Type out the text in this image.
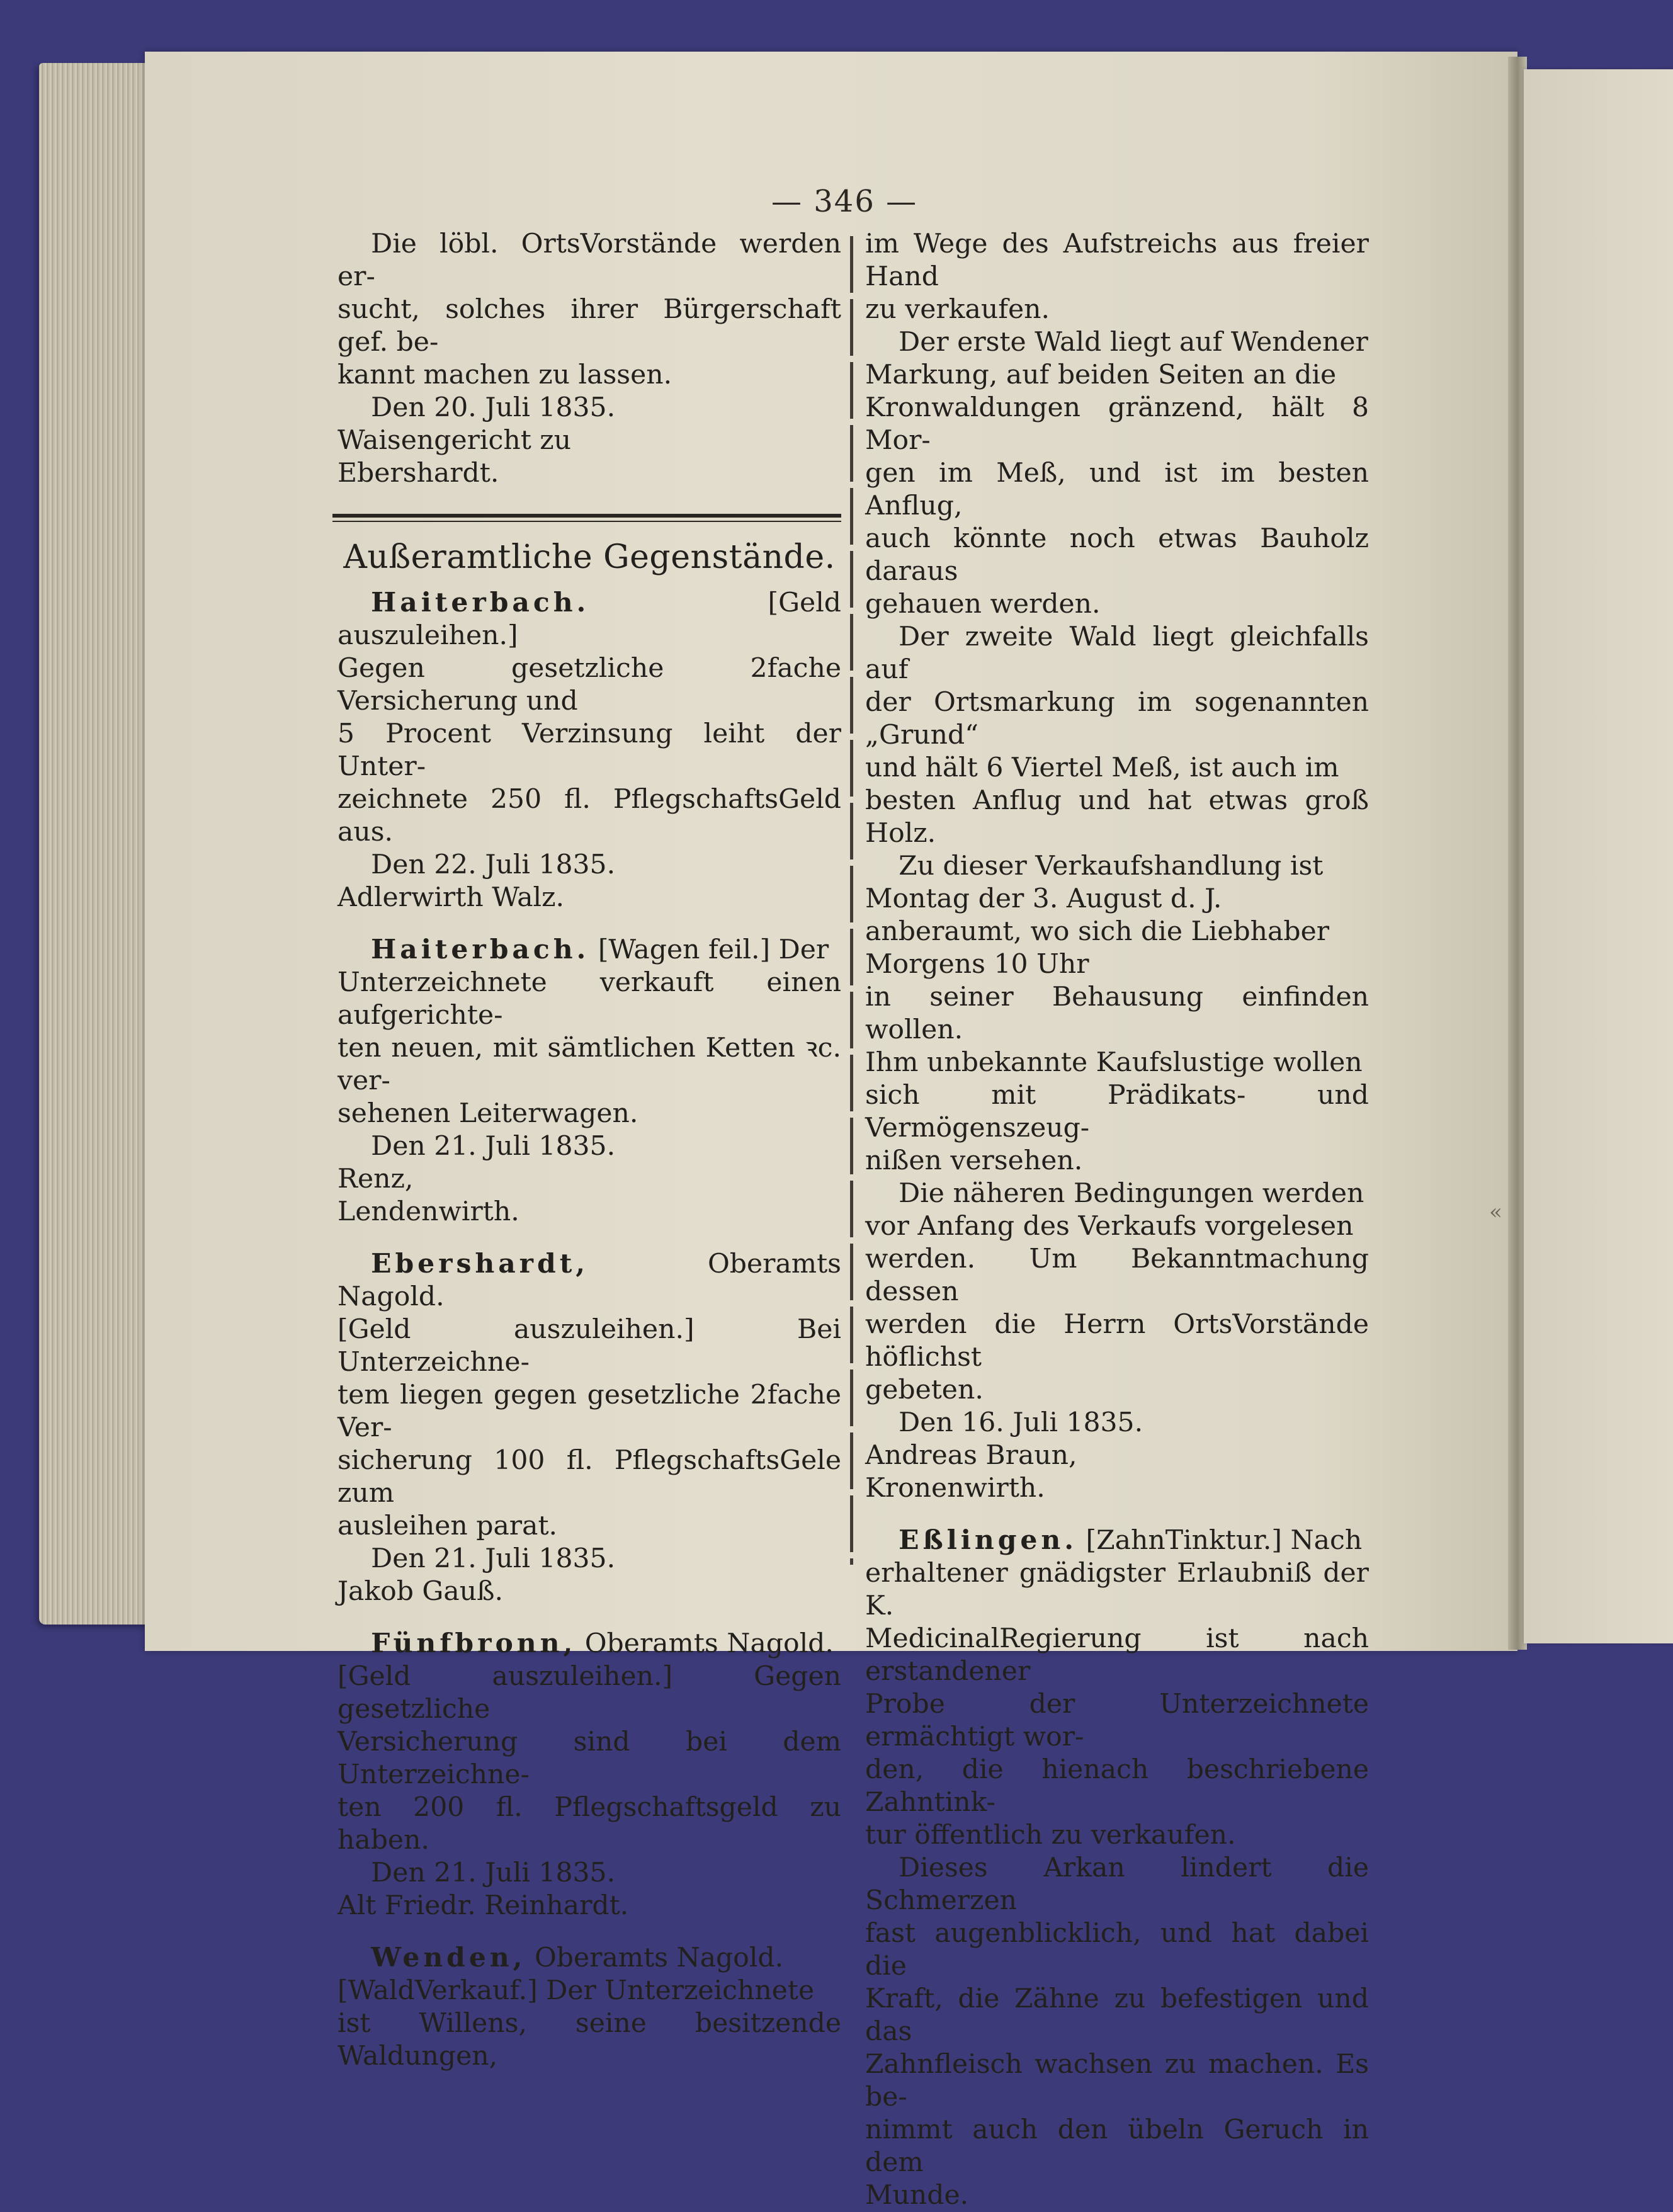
«
— 346 —

Die löbl. OrtsVorstände werden er-

sucht, solches ihrer Bürgerschaft gef. be-

kannt machen zu lassen.

Den 20. Juli 1835.

Waisengericht zu

Ebershardt.

Außeramtliche Gegenstände.

Haiterbach.	[Geld auszuleihen.]

Gegen gesetzliche 2fache Versicherung und

5 Procent Verzinsung leiht der Unter-

zeichnete 250 fl. PflegschaftsGeld aus.

Den 22. Juli 1835.

Adlerwirth Walz.

Haiterbach. [Wagen feil.] Der

Unterzeichnete verkauft einen aufgerichte-

ten neuen, mit sämtlichen Ketten ꝛc. ver-

sehenen Leiterwagen.

Den 21. Juli 1835.

Renz,

Lendenwirth.

Ebershardt,	Oberamts Nagold.

[Geld auszuleihen.] Bei Unterzeichne-

tem liegen gegen gesetzliche 2fache Ver-

sicherung 100 fl. PflegschaftsGele zum

ausleihen parat.

Den 21. Juli 1835.

Jakob Gauß.

Fünfbronn, Oberamts Nagold.

[Geld auszuleihen.] Gegen gesetzliche

Versicherung sind bei dem Unterzeichne-

ten 200 fl. Pflegschaftsgeld zu haben.

Den 21. Juli 1835.

Alt Friedr. Reinhardt.

Wenden, Oberamts Nagold.

[WaldVerkauf.] Der Unterzeichnete

ist Willens, seine besitzende Waldungen,

im Wege des Aufstreichs aus freier Hand

zu verkaufen.

Der erste Wald liegt auf Wendener

Markung, auf beiden Seiten an die

Kronwaldungen gränzend, hält 8 Mor-

gen im Meß, und ist im besten Anflug,

auch könnte noch etwas Bauholz daraus

gehauen werden.

Der zweite Wald liegt gleichfalls auf

der Ortsmarkung im sogenannten „Grund“

und hält 6 Viertel Meß, ist auch im

besten Anflug und hat etwas groß Holz.

Zu dieser Verkaufshandlung ist

Montag der 3. August d. J.

anberaumt, wo sich die Liebhaber

Morgens 10 Uhr

in seiner Behausung einfinden wollen.

Ihm unbekannte Kaufslustige wollen

sich mit Prädikats- und Vermögenszeug-

nißen versehen.

Die näheren Bedingungen werden

vor Anfang des Verkaufs vorgelesen

werden. Um Bekanntmachung dessen

werden die Herrn OrtsVorstände höflichst

gebeten.

Den 16. Juli 1835.

Andreas Braun,

Kronenwirth.

Eßlingen. [ZahnTinktur.] Nach

erhaltener gnädigster Erlaubniß der K.

MedicinalRegierung ist nach erstandener

Probe der Unterzeichnete ermächtigt wor-

den, die hienach beschriebene Zahntink-

tur öffentlich zu verkaufen.

Dieses Arkan lindert die Schmerzen

fast augenblicklich, und hat dabei die

Kraft, die Zähne zu befestigen und das

Zahnfleisch wachsen zu machen. Es be-

nimmt auch den übeln Geruch in dem

Munde.
